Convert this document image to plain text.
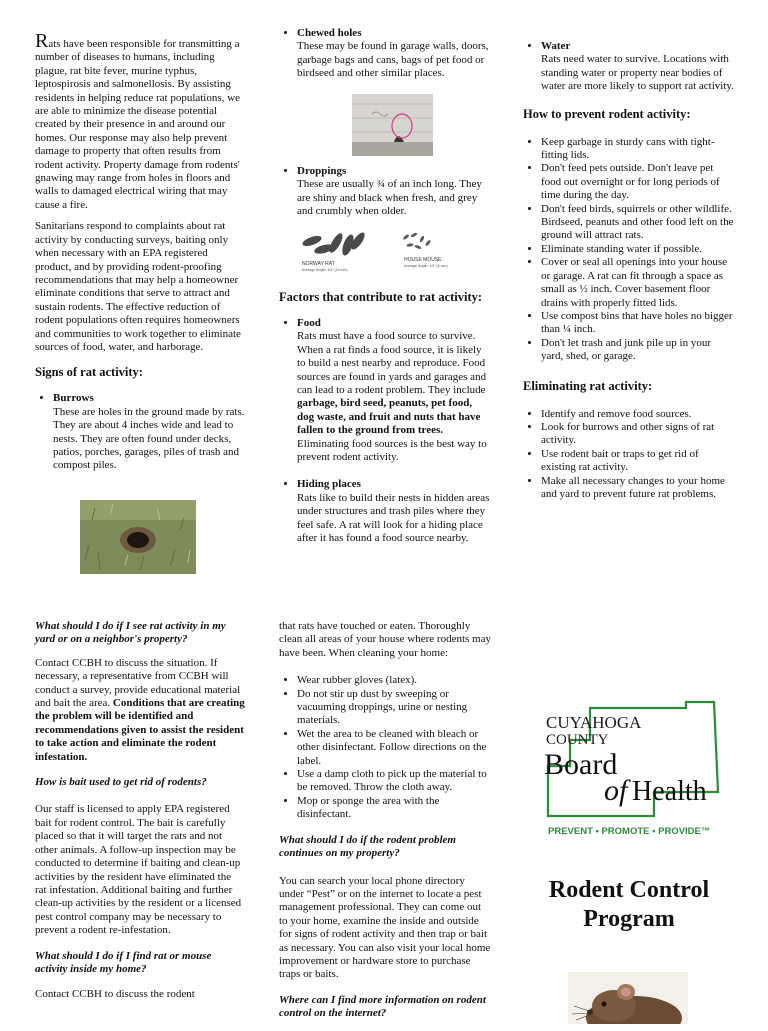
Rats have been responsible for transmitting a number of diseases to humans, including plague, rat bite fever, murine typhus, leptospirosis and salmonellosis. By assisting residents in helping reduce rat populations, we are able to minimize the disease potential created by their presence in and around our homes. Our response may also help prevent damage to property that often results from rodent activity. Property damage from rodents' gnawing may range from holes in floors and walls to damaged electrical wiring that may cause a fire.

Sanitarians respond to complaints about rat activity by conducting surveys, baiting only when necessary with an EPA registered product, and by providing rodent-proofing recommendations that may help a homeowner eliminate conditions that serve to attract and sustain rodents. The effective reduction of rodent populations often requires homeowners and communities to work together to eliminate sources of food, water, and harborage.

Signs of rat activity:
• Burrows
These are holes in the ground made by rats. They are about 4 inches wide and lead to nests. They are often found under decks, patios, porches, garages, piles of trash and compost piles.
• Chewed holes
These may be found in garage walls, doors, garbage bags and cans, bags of pet food or birdseed and other similar places.
• Droppings
These are usually ¾ of an inch long. They are shiny and black when fresh, and grey and crumbly when older.
NORWAY RAT
Average length: 3/4" (19 mm)
HOUSE MOUSE
Average length: 1/4" (6 mm)
Factors that contribute to rat activity:
• Food
Rats must have a food source to survive. When a rat finds a food source, it is likely to build a nest nearby and reproduce. Food sources are found in yards and garages and can lead to a rodent problem. They include garbage, bird seed, peanuts, pet food, dog waste, and fruit and nuts that have fallen to the ground from trees. Eliminating food sources is the best way to prevent rodent activity.
• Hiding places
Rats like to build their nests in hidden areas under structures and trash piles where they feel safe. A rat will look for a hiding place after it has found a food source nearby.
• Water
Rats need water to survive. Locations with standing water or property near bodies of water are more likely to support rat activity.
How to prevent rodent activity:
• Keep garbage in sturdy cans with tight-fitting lids.
• Don't feed pets outside. Don't leave pet food out overnight or for long periods of time during the day.
• Don't feed birds, squirrels or other wildlife. Birdseed, peanuts and other food left on the ground will attract rats.
• Eliminate standing water if possible.
• Cover or seal all openings into your house or garage. A rat can fit through a space as small as ½ inch. Cover basement floor drains with properly fitted lids.
• Use compost bins that have holes no bigger than ¼ inch.
• Don't let trash and junk pile up in your yard, shed, or garage.
Eliminating rat activity:
• Identify and remove food sources.
• Look for burrows and other signs of rat activity.
• Use rodent bait or traps to get rid of existing rat activity.
• Make all necessary changes to your home and yard to prevent future rat problems.

What should I do if I see rat activity in my yard or on a neighbor's property?

Contact CCBH to discuss the situation. If necessary, a representative from CCBH will conduct a survey, provide educational material and bait the area. Conditions that are creating the problem will be identified and recommendations given to assist the resident to take action and eliminate the rodent infestation.

How is bait used to get rid of rodents?

Our staff is licensed to apply EPA registered bait for rodent control. The bait is carefully placed so that it will target the rats and not other animals. A follow-up inspection may be conducted to determine if baiting and clean-up activities by the resident have eliminated the rat infestation. Additional baiting and further clean-up activities by the resident or a licensed pest control company may be necessary to prevent a rodent re-infestation.

What should I do if I find rat or mouse activity inside my home?

Contact CCBH to discuss the rodent

that rats have touched or eaten. Thoroughly clean all areas of your house where rodents may have been. When cleaning your home:

• Wear rubber gloves (latex).
• Do not stir up dust by sweeping or vacuuming droppings, urine or nesting materials.
• Wet the area to be cleaned with bleach or other disinfectant. Follow directions on the label.
• Use a damp cloth to pick up the material to be removed. Throw the cloth away.
• Mop or sponge the area with the disinfectant.

What should I do if the rodent problem continues on my property?

You can search your local phone directory under “Pest” or on the internet to locate a pest management professional. They can come out to your home, examine the inside and outside for signs of rodent activity and then trap or bait as necessary. You can also visit your local home improvement or hardware store to purchase traps or baits.

Where can I find more information on rodent control on the internet?

CUYAHOGA
COUNTY
Board
of Health
PREVENT • PROMOTE • PROVIDE™
Rodent Control
Program
